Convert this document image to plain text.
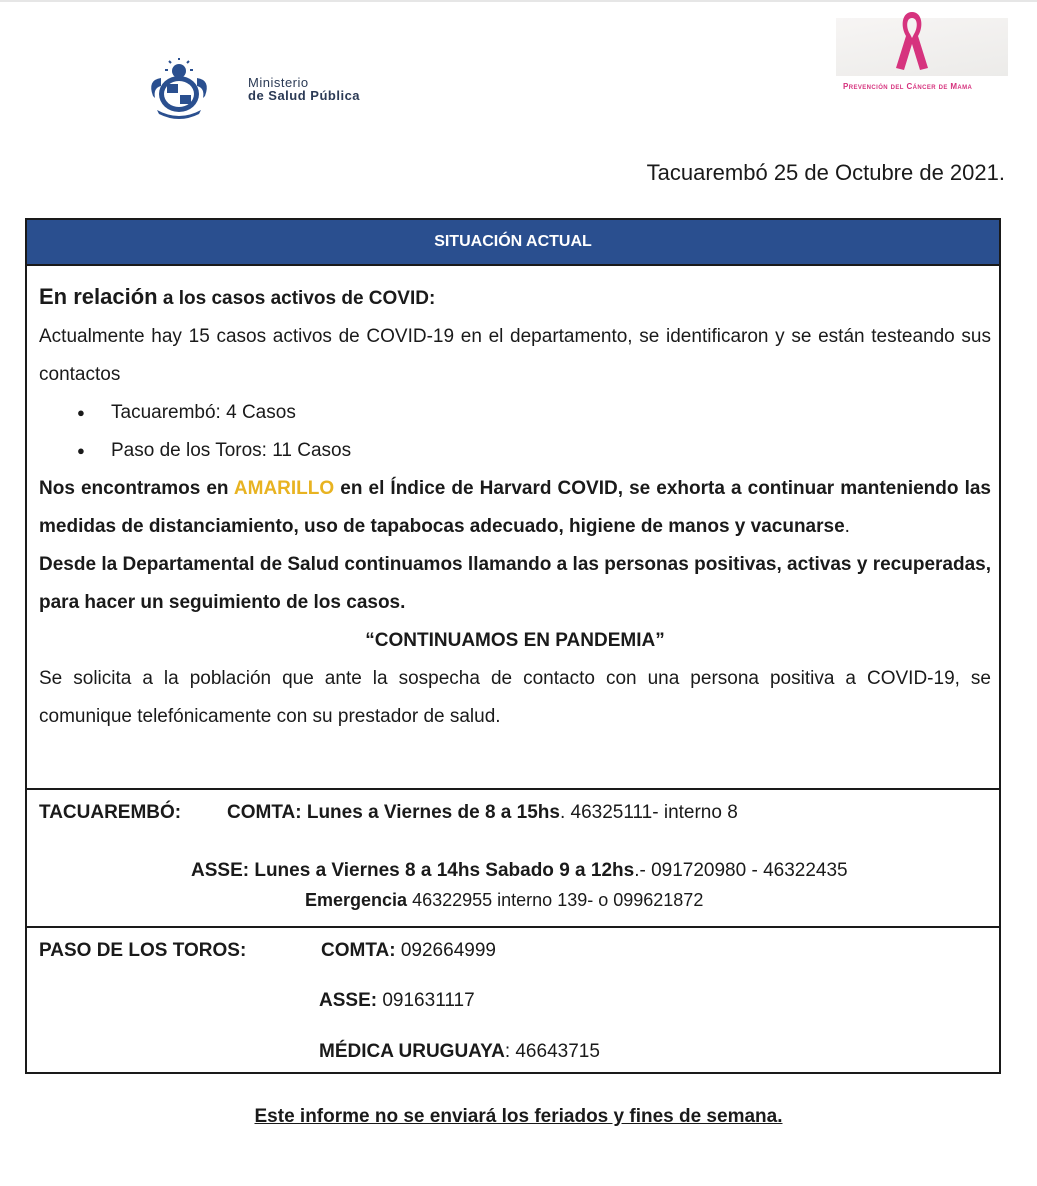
Ministerio
de Salud Pública
Prevención del Cáncer de Mama
Tacuarembó 25 de Octubre de 2021.
SITUACIÓN ACTUAL

En relación a los casos activos de COVID:

Actualmente hay 15 casos activos de COVID-19 en el departamento, se identificaron y se están testeando sus contactos

● Tacuarembó: 4 Casos
● Paso de los Toros: 11 Casos

Nos encontramos en AMARILLO en el Índice de Harvard COVID, se exhorta a continuar manteniendo las medidas de distanciamiento, uso de tapabocas adecuado, higiene de manos y vacunarse.

Desde la Departamental de Salud continuamos llamando a las personas positivas, activas y recuperadas, para hacer un seguimiento de los casos.

“CONTINUAMOS EN PANDEMIA”

Se solicita a la población que ante la sospecha de contacto con una persona positiva a COVID-19, se comunique telefónicamente con su prestador de salud.

TACUAREMBÓ: COMTA: Lunes a Viernes de 8 a 15hs. 46325111- interno 8
ASSE: Lunes a Viernes 8 a 14hs Sabado 9 a 12hs.- 091720980 - 46322435
Emergencia 46322955 interno 139- o 099621872
PASO DE LOS TOROS:	COMTA: 092664999
ASSE: 091631117
MÉDICA URUGUAYA: 46643715
Este informe no se enviará los feriados y fines de semana.
